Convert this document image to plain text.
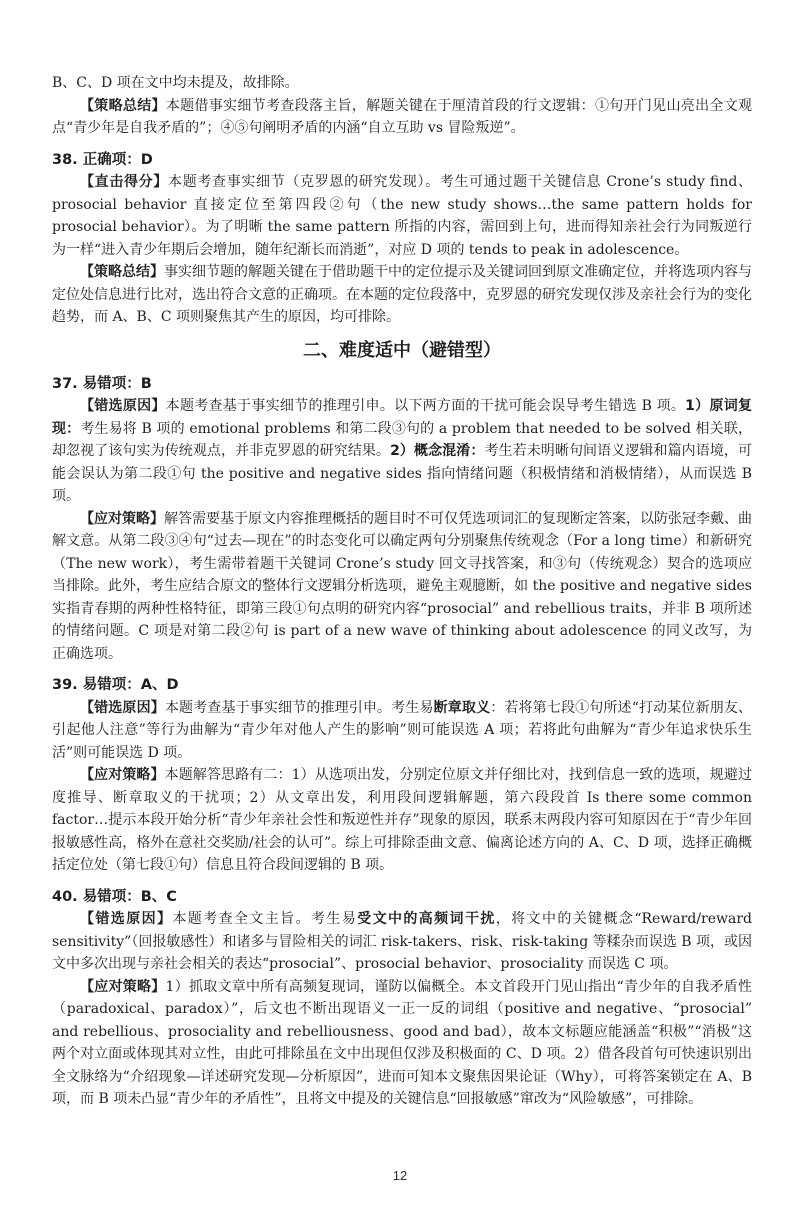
B、C、D 项在文中均未提及，故排除。

【策略总结】本题借事实细节考查段落主旨，解题关键在于厘清首段的行文逻辑：①句开门见山亮出全文观点“青少年是自我矛盾的”；④⑤句阐明矛盾的内涵“自立互助 vs 冒险叛逆”。

38. 正确项：D

【直击得分】本题考查事实细节（克罗恩的研究发现）。考生可通过题干关键信息 Crone’s study find、prosocial behavior 直接定位至第四段②句（the new study shows…the same pattern holds for prosocial behavior）。为了明晰 the same pattern 所指的内容，需回到上句，进而得知亲社会行为同叛逆行为一样“进入青少年期后会增加，随年纪渐长而消逝”，对应 D 项的 tends to peak in adolescence。

【策略总结】事实细节题的解题关键在于借助题干中的定位提示及关键词回到原文准确定位，并将选项内容与定位处信息进行比对，选出符合文意的正确项。在本题的定位段落中，克罗恩的研究发现仅涉及亲社会行为的变化趋势，而 A、B、C 项则聚焦其产生的原因，均可排除。

二、难度适中（避错型）

37. 易错项：B

【错选原因】本题考查基于事实细节的推理引申。以下两方面的干扰可能会误导考生错选 B 项。1）原词复现：考生易将 B 项的 emotional problems 和第二段③句的 a problem that needed to be solved 相关联，却忽视了该句实为传统观点，并非克罗恩的研究结果。2）概念混淆：考生若未明晰句间语义逻辑和篇内语境，可能会误认为第二段①句 the positive and negative sides 指向情绪问题（积极情绪和消极情绪），从而误选 B 项。

【应对策略】解答需要基于原文内容推理概括的题目时不可仅凭选项词汇的复现断定答案，以防张冠李戴、曲解文意。从第二段③④句“过去—现在”的时态变化可以确定两句分别聚焦传统观念（For a long time）和新研究（The new work），考生需带着题干关键词 Crone’s study 回文寻找答案，和③句（传统观念）契合的选项应当排除。此外，考生应结合原文的整体行文逻辑分析选项，避免主观臆断，如 the positive and negative sides 实指青春期的两种性格特征，即第三段①句点明的研究内容“prosocial” and rebellious traits，并非 B 项所述的情绪问题。C 项是对第二段②句 is part of a new wave of thinking about adolescence 的同义改写，为正确选项。

39. 易错项：A、D

【错选原因】本题考查基于事实细节的推理引申。考生易断章取义：若将第七段①句所述“打动某位新朋友、引起他人注意”等行为曲解为“青少年对他人产生的影响”则可能误选 A 项；若将此句曲解为“青少年追求快乐生活”则可能误选 D 项。

【应对策略】本题解答思路有二：1）从选项出发，分别定位原文并仔细比对，找到信息一致的选项，规避过度推导、断章取义的干扰项；2）从文章出发，利用段间逻辑解题，第六段段首 Is there some common factor…提示本段开始分析“青少年亲社会性和叛逆性并存”现象的原因，联系末两段内容可知原因在于“青少年回报敏感性高，格外在意社交奖励/社会的认可”。综上可排除歪曲文意、偏离论述方向的 A、C、D 项，选择正确概括定位处（第七段①句）信息且符合段间逻辑的 B 项。

40. 易错项：B、C

【错选原因】本题考查全文主旨。考生易受文中的高频词干扰，将文中的关键概念“Reward/reward sensitivity”（回报敏感性）和诸多与冒险相关的词汇 risk-takers、risk、risk-taking 等糅杂而误选 B 项，或因文中多次出现与亲社会相关的表达“prosocial”、prosocial behavior、prosociality 而误选 C 项。

【应对策略】1）抓取文章中所有高频复现词，谨防以偏概全。本文首段开门见山指出“青少年的自我矛盾性（paradoxical、paradox）”，后文也不断出现语义一正一反的词组（positive and negative、“prosocial” and rebellious、prosociality and rebelliousness、good and bad），故本文标题应能涵盖“积极”“消极”这两个对立面或体现其对立性，由此可排除虽在文中出现但仅涉及积极面的 C、D 项。2）借各段首句可快速识别出全文脉络为“介绍现象—详述研究发现—分析原因”，进而可知本文聚焦因果论证（Why），可将答案锁定在 A、B 项，而 B 项未凸显“青少年的矛盾性”，且将文中提及的关键信息“回报敏感”窜改为“风险敏感”，可排除。

12
